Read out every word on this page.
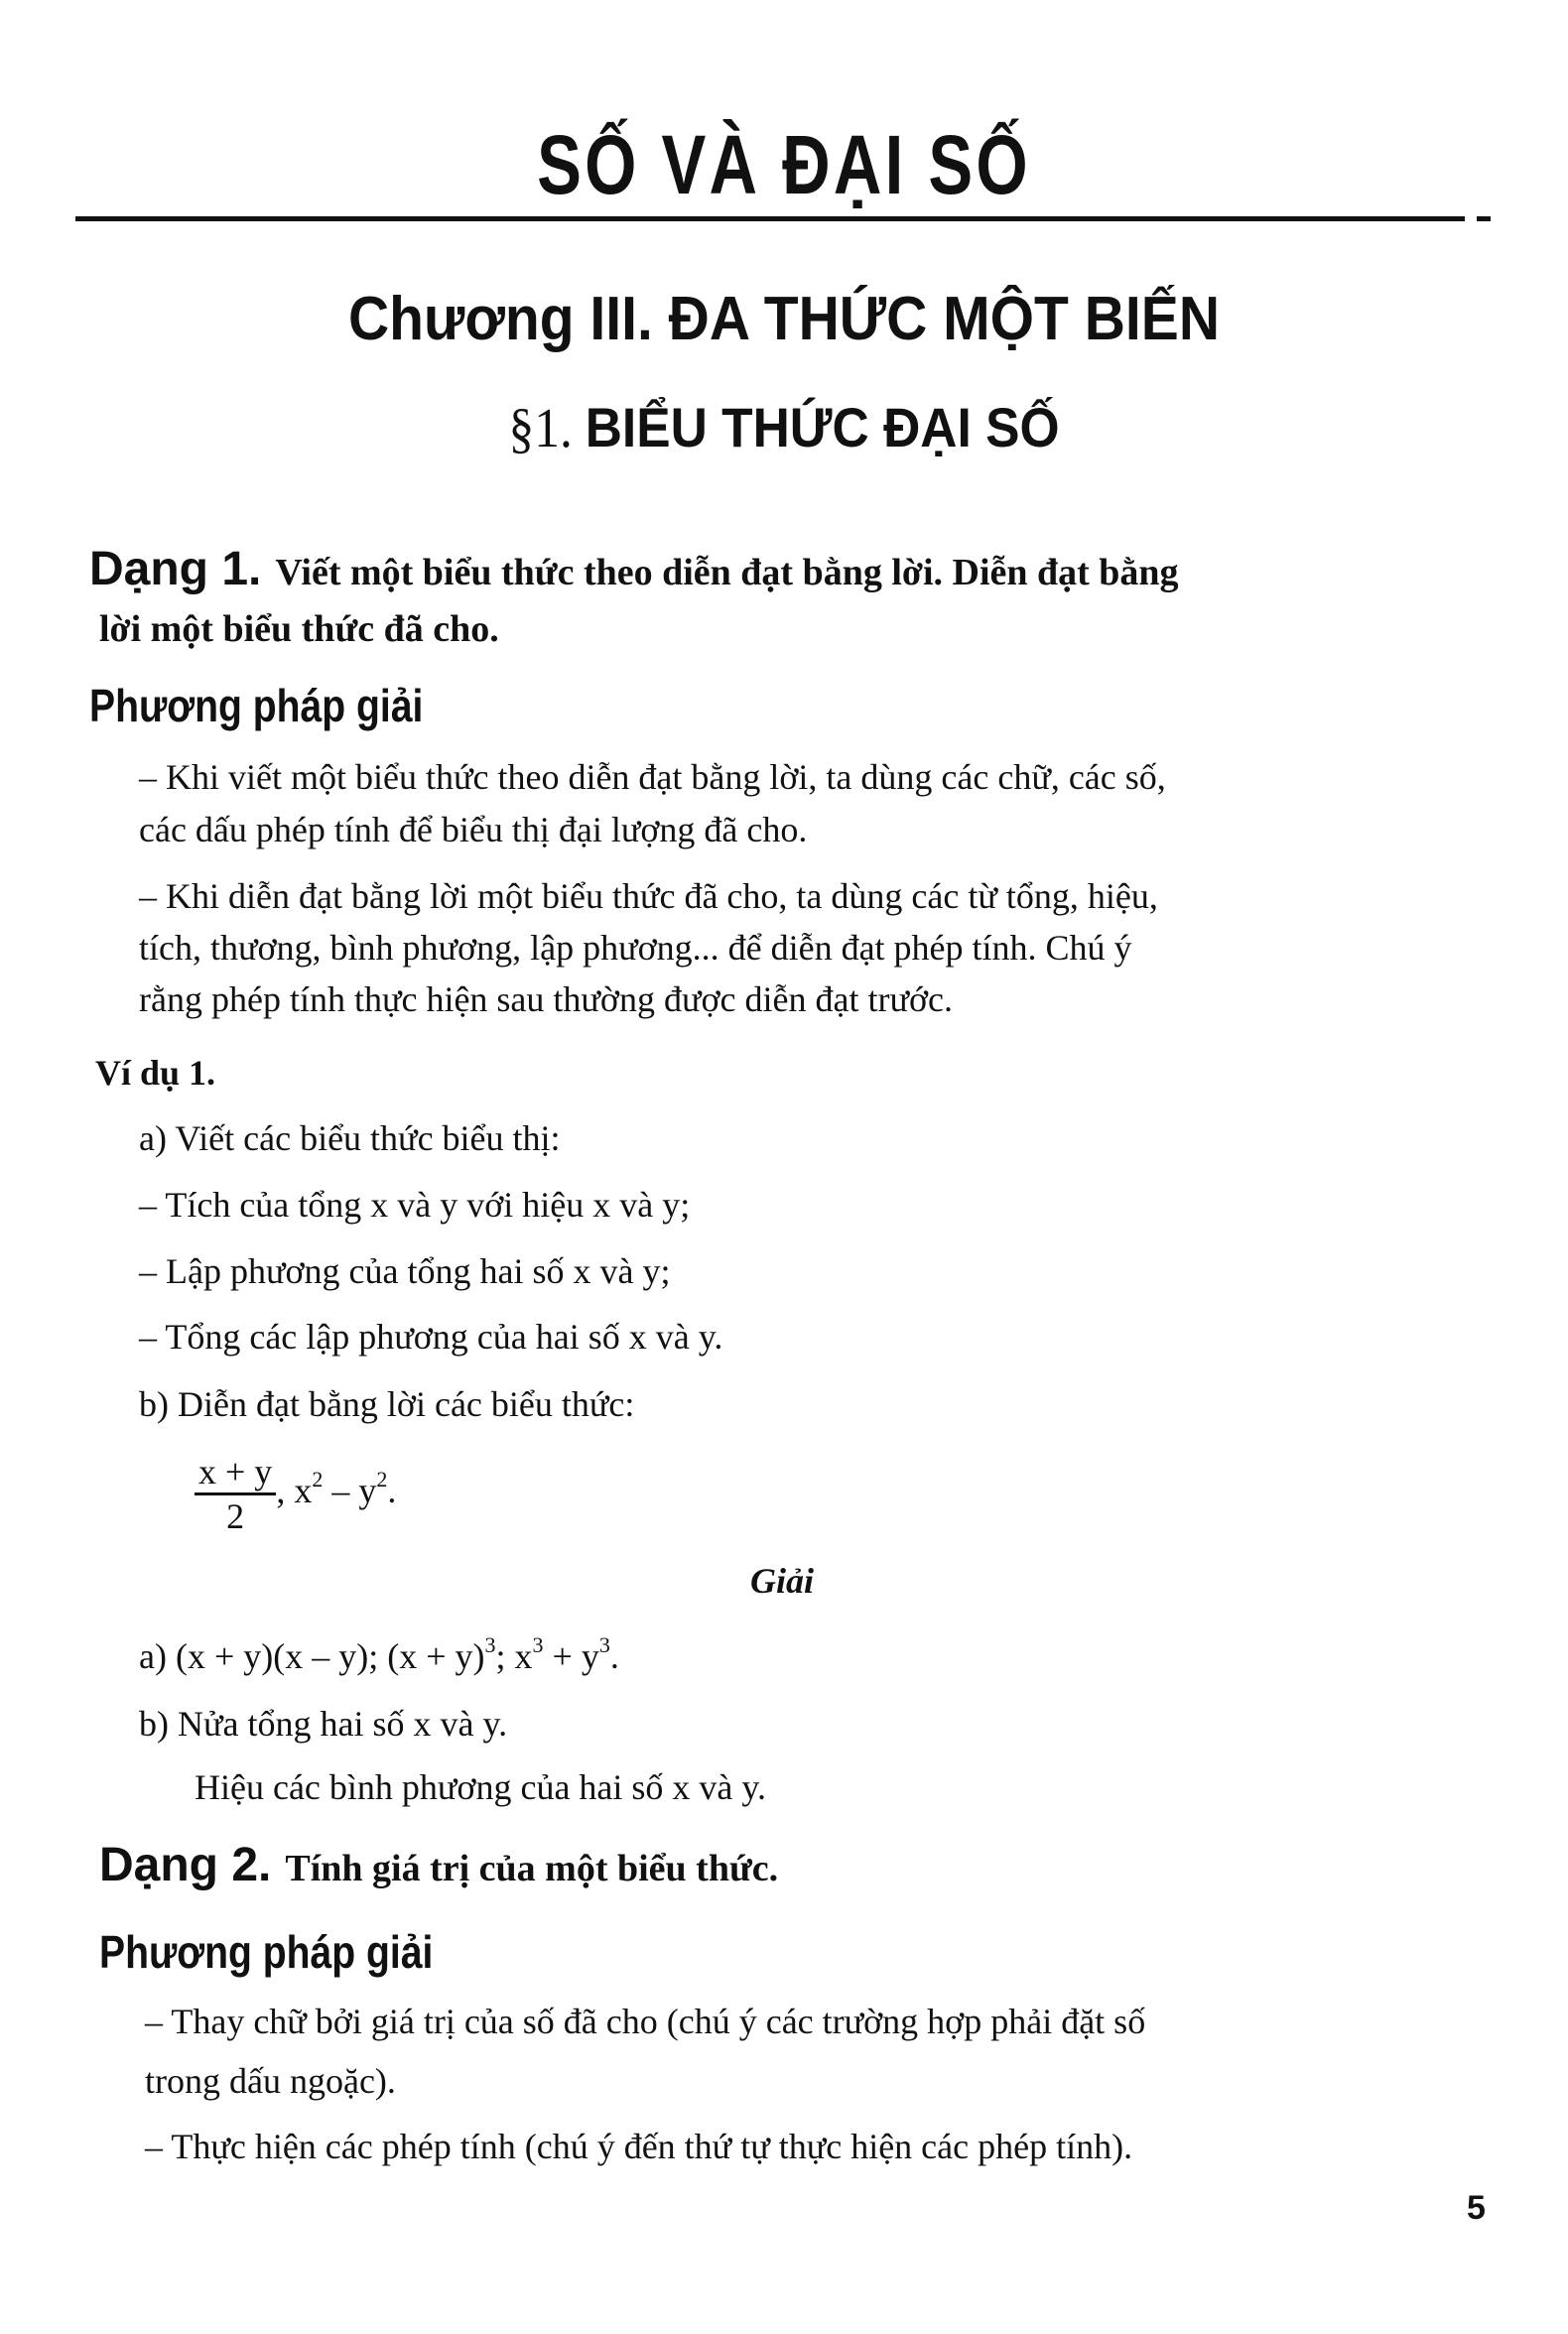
SỐ VÀ ĐẠI SỐ
Chương III. ĐA THỨC MỘT BIẾN
§1. BIỂU THỨC ĐẠI SỐ
Dạng 1. Viết một biểu thức theo diễn đạt bằng lời. Diễn đạt bằng
lời một biểu thức đã cho.
Phương pháp giải
– Khi viết một biểu thức theo diễn đạt bằng lời, ta dùng các chữ, các số,
các dấu phép tính để biểu thị đại lượng đã cho.
– Khi diễn đạt bằng lời một biểu thức đã cho, ta dùng các từ tổng, hiệu,
tích, thương, bình phương, lập phương... để diễn đạt phép tính. Chú ý
rằng phép tính thực hiện sau thường được diễn đạt trước.
Ví dụ 1.
a) Viết các biểu thức biểu thị:
– Tích của tổng x và y với hiệu x và y;
– Lập phương của tổng hai số x và y;
– Tổng các lập phương của hai số x và y.
b) Diễn đạt bằng lời các biểu thức:
$\frac{x + y}{2}$ , $x^2 - y^2$.
Giải
a) (x + y)(x – y); $(x + y)^3$; $x^3 + y^3$.
b) Nửa tổng hai số x và y.
Hiệu các bình phương của hai số x và y.
Dạng 2. Tính giá trị của một biểu thức.
Phương pháp giải
– Thay chữ bởi giá trị của số đã cho (chú ý các trường hợp phải đặt số
trong dấu ngoặc).
– Thực hiện các phép tính (chú ý đến thứ tự thực hiện các phép tính).
5
